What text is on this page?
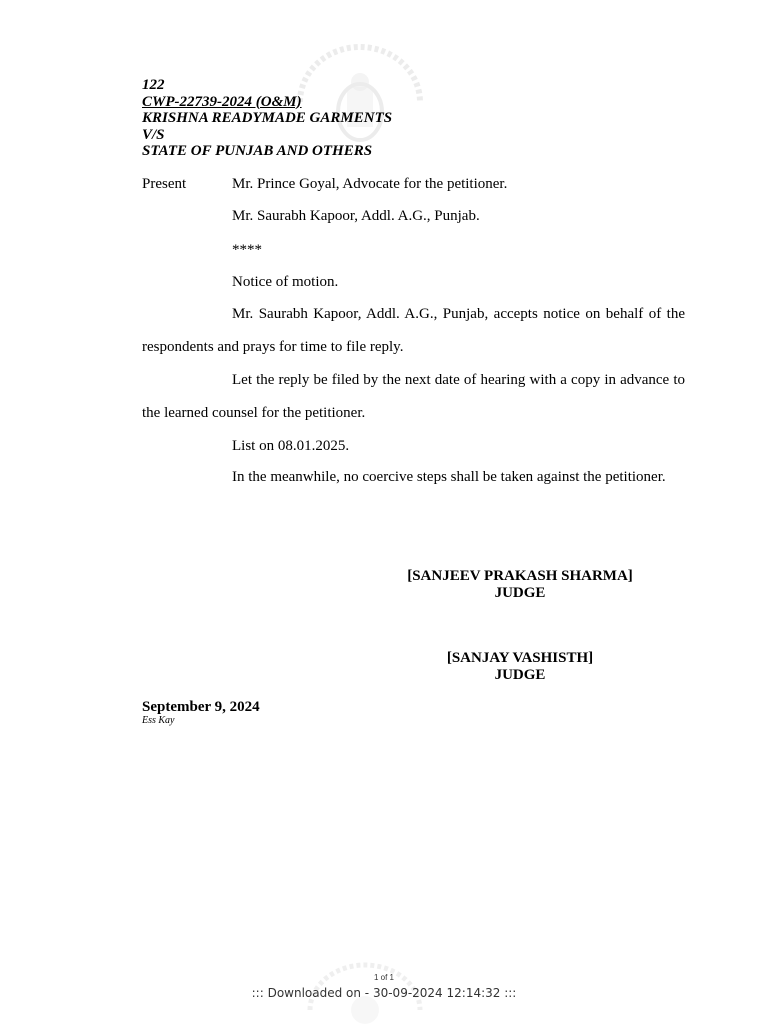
122
CWP-22739-2024 (O&M)
KRISHNA READYMADE GARMENTS
V/S
STATE OF PUNJAB AND OTHERS
Present	Mr. Prince Goyal, Advocate for the petitioner.
Mr. Saurabh Kapoor, Addl. A.G., Punjab.
****
Notice of motion.

Mr. Saurabh Kapoor, Addl. A.G., Punjab, accepts notice on behalf of the respondents and prays for time to file reply.

Let the reply be filed by the next date of hearing with a copy in advance to the learned counsel for the petitioner.

List on 08.01.2025.

In the meanwhile, no coercive steps shall be taken against the petitioner.

[SANJEEV PRAKASH SHARMA]
JUDGE
[SANJAY VASHISTH]
JUDGE
September 9, 2024
Ess Kay
1 of 1
::: Downloaded on - 30-09-2024 12:14:32 :::
